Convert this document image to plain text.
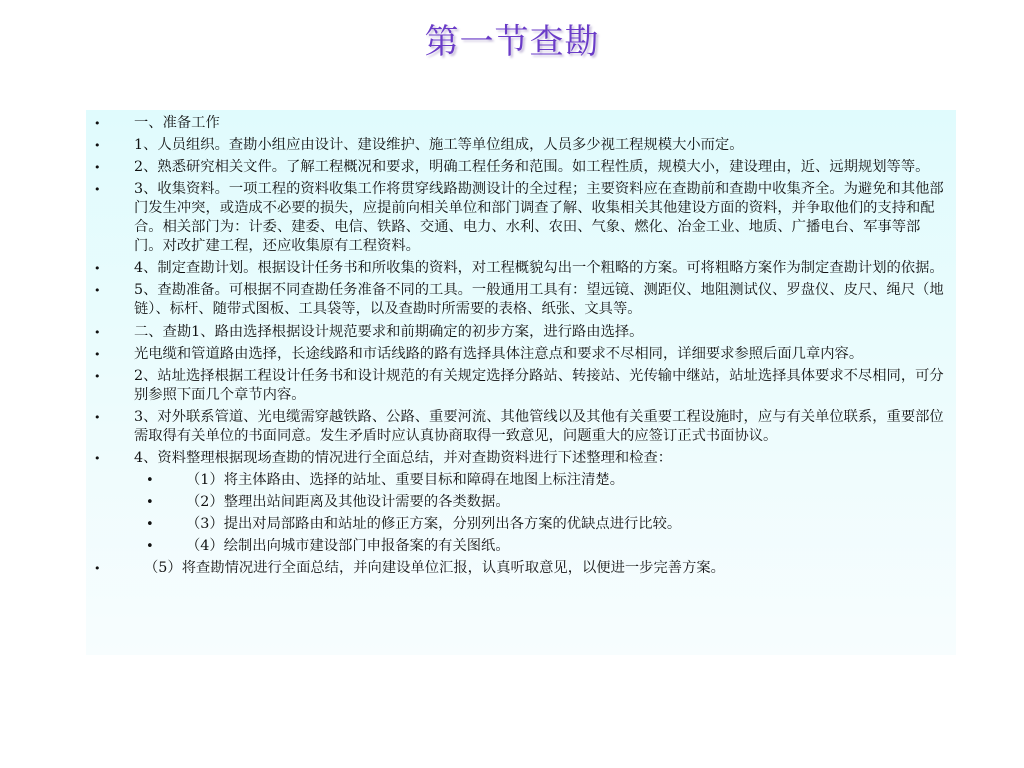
第一节查勘
• 一、准备工作
• 1、人员组织。查勘小组应由设计、建设维护、施工等单位组成，人员多少视工程规模大小而定。
• 2、熟悉研究相关文件。了解工程概况和要求，明确工程任务和范围。如工程性质，规模大小，建设理由，近、远期规划等等。
• 3、收集资料。一项工程的资料收集工作将贯穿线路勘测设计的全过程；主要资料应在查勘前和查勘中收集齐全。为避免和其他部门发生冲突，或造成不必要的损失，应提前向相关单位和部门调查了解、收集相关其他建设方面的资料，并争取他们的支持和配合。相关部门为：计委、建委、电信、铁路、交通、电力、水利、农田、气象、燃化、冶金工业、地质、广播电台、军事等部门。对改扩建工程，还应收集原有工程资料。
• 4、制定查勘计划。根据设计任务书和所收集的资料，对工程概貌勾出一个粗略的方案。可将粗略方案作为制定查勘计划的依据。
• 5、查勘准备。可根据不同查勘任务准备不同的工具。一般通用工具有：望远镜、测距仪、地阻测试仪、罗盘仪、皮尺、绳尺（地链）、标杆、随带式图板、工具袋等，以及查勘时所需要的表格、纸张、文具等。
• 二、查勘1、路由选择根据设计规范要求和前期确定的初步方案，进行路由选择。
• 光电缆和管道路由选择，长途线路和市话线路的路有选择具体注意点和要求不尽相同，详细要求参照后面几章内容。
• 2、站址选择根据工程设计任务书和设计规范的有关规定选择分路站、转接站、光传输中继站，站址选择具体要求不尽相同，可分别参照下面几个章节内容。
• 3、对外联系管道、光电缆需穿越铁路、公路、重要河流、其他管线以及其他有关重要工程设施时，应与有关单位联系，重要部位需取得有关单位的书面同意。发生矛盾时应认真协商取得一致意见，问题重大的应签订正式书面协议。
• 4、资料整理根据现场查勘的情况进行全面总结，并对查勘资料进行下述整理和检查：
• （1）将主体路由、选择的站址、重要目标和障碍在地图上标注清楚。
• （2）整理出站间距离及其他设计需要的各类数据。
• （3）提出对局部路由和站址的修正方案，分别列出各方案的优缺点进行比较。
• （4）绘制出向城市建设部门申报备案的有关图纸。
•	（5）将查勘情况进行全面总结，并向建设单位汇报，认真听取意见，以便进一步完善方案。
